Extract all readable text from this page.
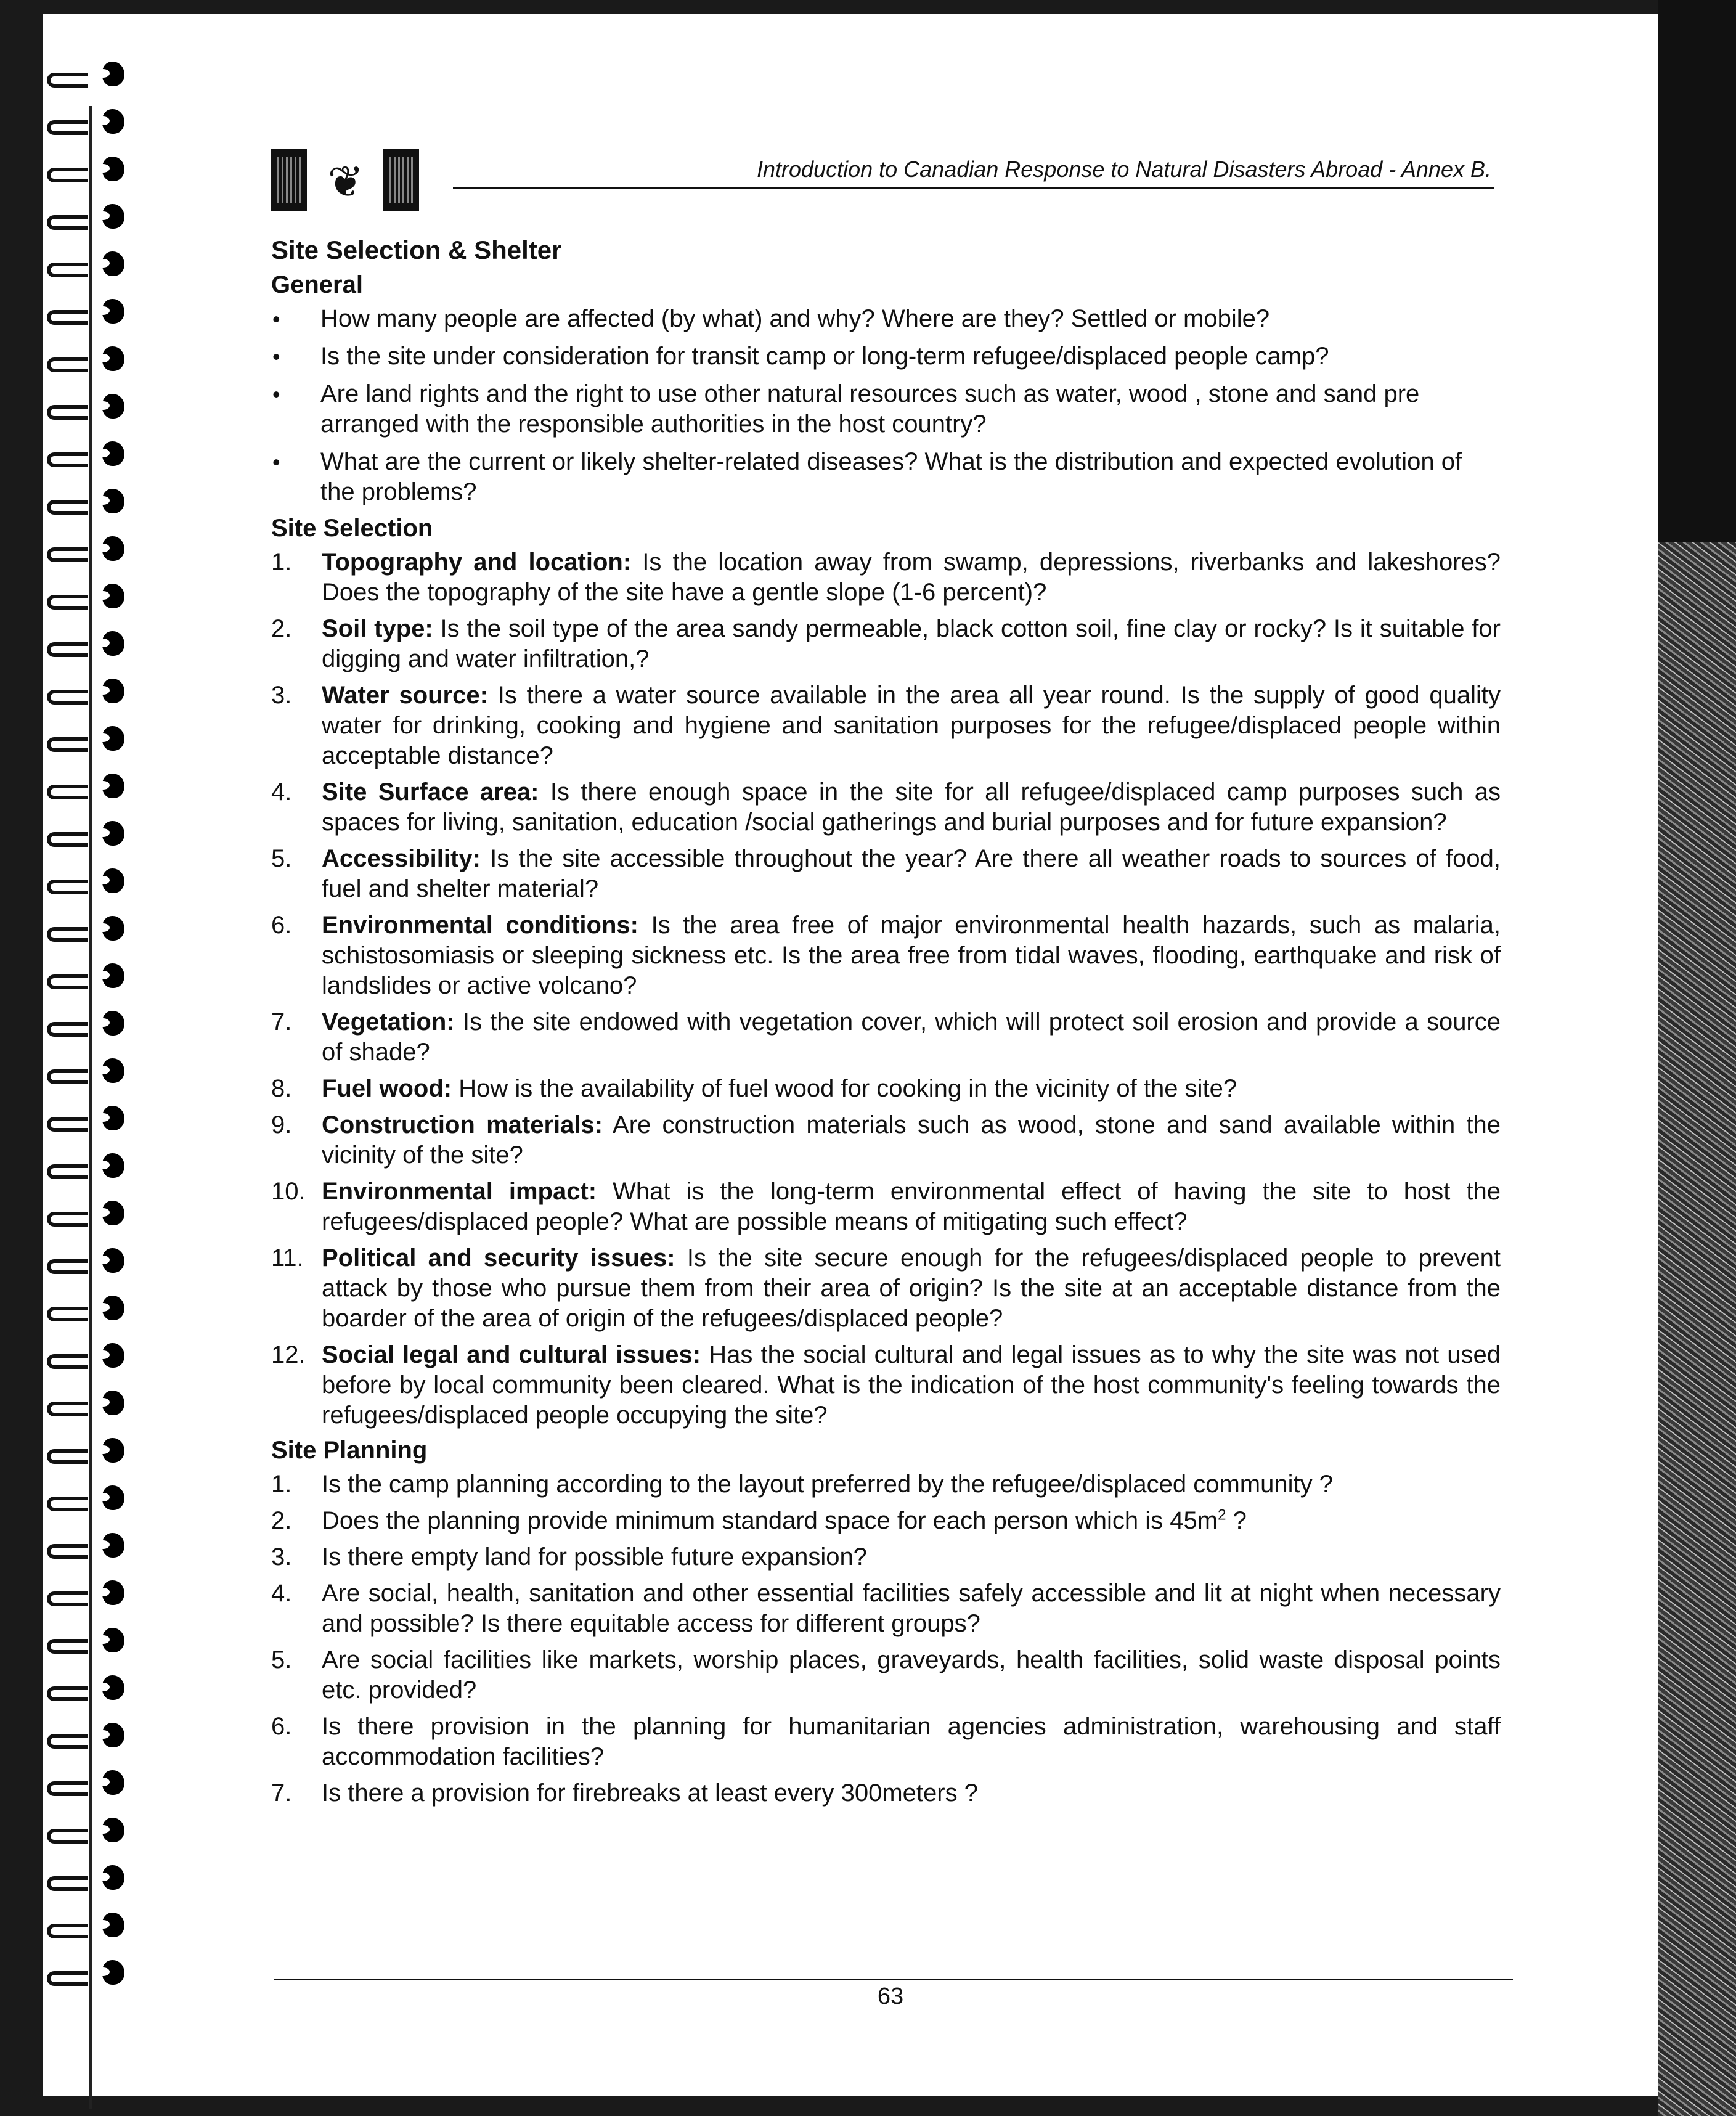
❦	Introduction to Canadian Response to Natural Disasters Abroad - Annex B.
Site Selection & Shelter
General
• How many people are affected (by what) and why? Where are they? Settled or mobile?
• Is the site under consideration for transit camp or long-term refugee/displaced people camp?
• Are land rights and the right to use other natural resources such as water, wood , stone and sand pre arranged with the responsible authorities in the host country?
• What are the current or likely shelter-related diseases? What is the distribution and expected evolution of the problems?
Site Selection
1. Topography and location: Is the location away from swamp, depressions, riverbanks and lakeshores? Does the topography of the site have a gentle slope (1-6 percent)?
2. Soil type: Is the soil type of the area sandy permeable, black cotton soil, fine clay or rocky? Is it suitable for digging and water infiltration,?
3. Water source: Is there a water source available in the area all year round. Is the supply of good quality water for drinking, cooking and hygiene and sanitation purposes for the refugee/displaced people within acceptable distance?
4. Site Surface area: Is there enough space in the site for all refugee/displaced camp purposes such as spaces for living, sanitation, education /social gatherings and burial purposes and for future expansion?
5. Accessibility: Is the site accessible throughout the year? Are there all weather roads to sources of food, fuel and shelter material?
6. Environmental conditions: Is the area free of major environmental health hazards, such as malaria, schistosomiasis or sleeping sickness etc. Is the area free from tidal waves, flooding, earthquake and risk of landslides or active volcano?
7. Vegetation: Is the site endowed with vegetation cover, which will protect soil erosion and provide a source of shade?
8. Fuel wood: How is the availability of fuel wood for cooking in the vicinity of the site?
9. Construction materials: Are construction materials such as wood, stone and sand available within the vicinity of the site?
10. Environmental impact: What is the long-term environmental effect of having the site to host the refugees/displaced people? What are possible means of mitigating such effect?
11. Political and security issues: Is the site secure enough for the refugees/displaced people to prevent attack by those who pursue them from their area of origin? Is the site at an acceptable distance from the boarder of the area of origin of the refugees/displaced people?
12. Social legal and cultural issues: Has the social cultural and legal issues as to why the site was not used before by local community been cleared. What is the indication of the host community's feeling towards the refugees/displaced people occupying the site?
Site Planning
1. Is the camp planning according to the layout preferred by the refugee/displaced community ?
2. Does the planning provide minimum standard space for each person which is $45m^2$ ?
3. Is there empty land for possible future expansion?
4. Are social, health, sanitation and other essential facilities safely accessible and lit at night when necessary and possible? Is there equitable access for different groups?
5. Are social facilities like markets, worship places, graveyards, health facilities, solid waste disposal points etc. provided?
6. Is there provision in the planning for humanitarian agencies administration, warehousing and staff accommodation facilities?
7. Is there a provision for firebreaks at least every 300meters ?
63
